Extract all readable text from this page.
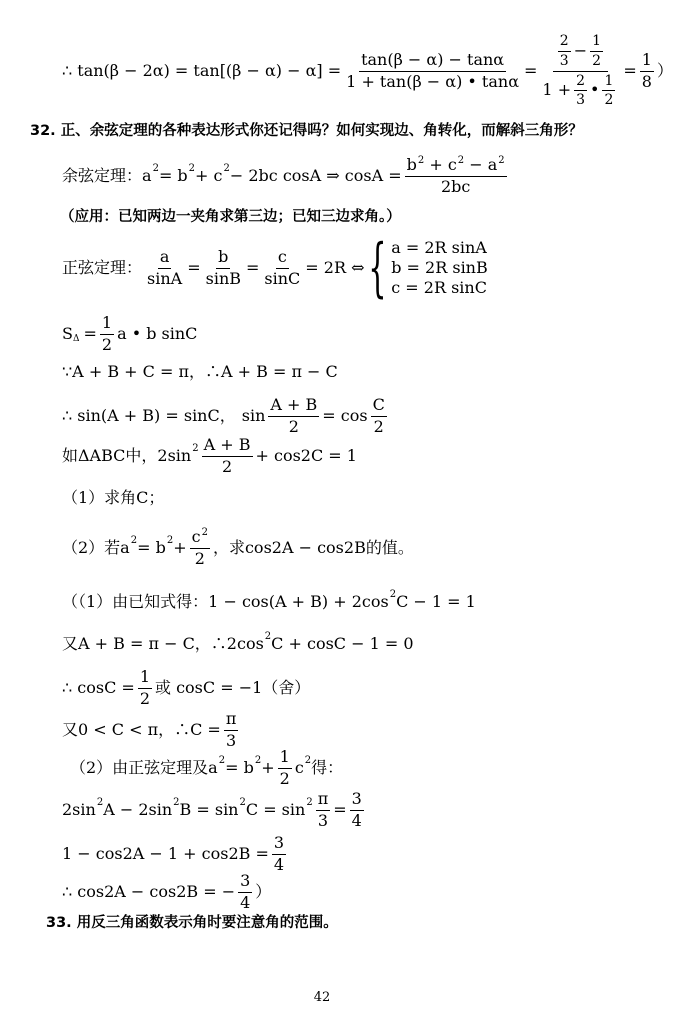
∴ $\tan(\beta - 2\alpha) = \tan[(\beta - \alpha) - \alpha] = \frac{\tan(\beta - \alpha) - \tan\alpha}{1 + \tan(\beta - \alpha) • \tan\alpha} = \frac{\frac{2}{3} - \frac{1}{2}}{1 + \frac{2}{3} • \frac{1}{2}} = \frac{1}{8}$ ）
32. 正、余弦定理的各种表达形式你还记得吗？如何实现边、角转化，而解斜三角形？
余弦定理： a 2 = b 2 + c 2 − 2bc cosA ⇒ $\cos A = \frac{b^2 + c^2 - a^2}{2bc}$
（应用：已知两边一夹角求第三边；已知三边求角。）
正弦定理： $\frac{a}{\sin A} = \frac{b}{\sin B} = \frac{c}{\sin C} = 2R$ ⇔ { a = 2R sinA
b = 2R sinB
c = 2R sinC
S $\Delta = \frac{1}{2}$ a • b sinC
∵A + B + C = π，∴A + B = π − C
∴ sin(A + B) = sinC， $\sin \frac{A + B}{2} = \cos \frac{C}{2}$
如ΔABC中，2sin $2 \frac{A + B}{2} + \cos 2C = 1$
（1）求角C；
（2）若a 2 = b $2 + \frac{c^2}{2}$ ，求cos2A − cos2B的值。
（（1）由已知式得：1 − cos(A + B) + 2cos 2 C − 1 = 1
又A + B = π − C，∴2cos 2 C + cosC − 1 = 0
∴ $\cos C = \frac{1}{2}$ 或 cosC = −1（舍）
又0 < C < π，∴C = $\frac{\pi}{3}$
（2）由正弦定理及a 2 = b $2 + \frac{1}{2}$ c 2 得：
2sin 2 A − 2sin 2 B = sin 2 $C = \sin 2 \frac{\pi}{3} = \frac{3}{4}$
$1 - \cos 2A - 1 + \cos 2B = \frac{3}{4}$
∴ cos2A − cos2B = − $\frac{3}{4}$ ）
33. 用反三角函数表示角时要注意角的范围。
42
